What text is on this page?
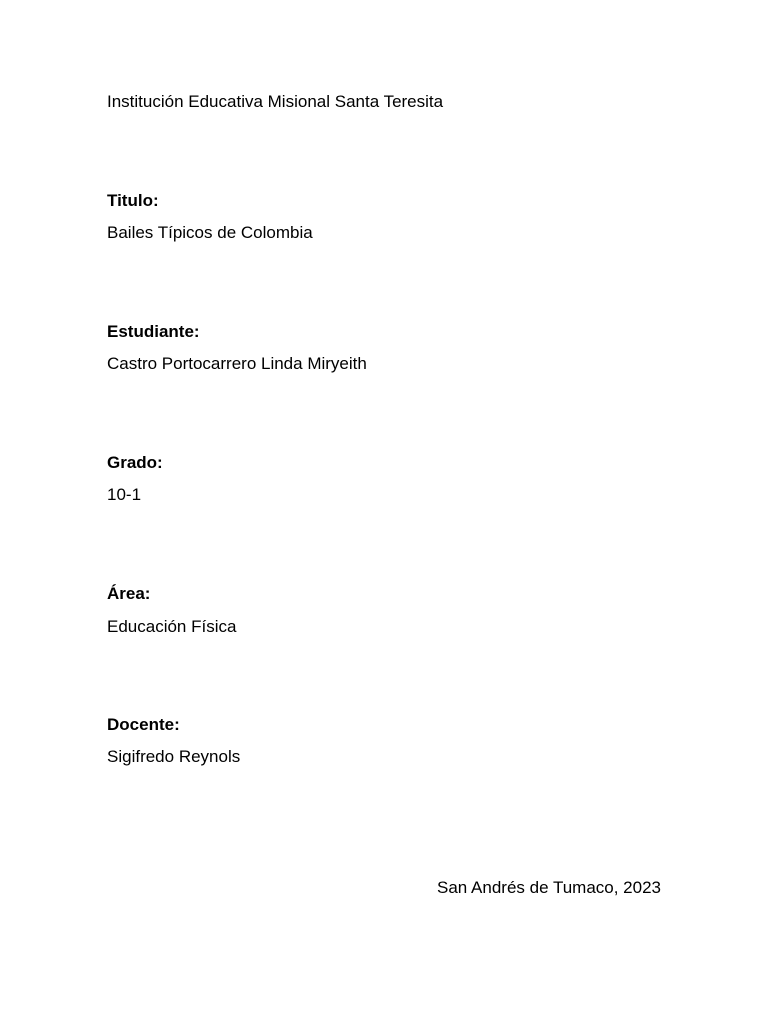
Institución Educativa Misional Santa Teresita
Titulo:
Bailes Típicos de Colombia
Estudiante:
Castro Portocarrero Linda Miryeith
Grado:
10-1
Área:
Educación Física
Docente:
Sigifredo Reynols
San Andrés de Tumaco, 2023
